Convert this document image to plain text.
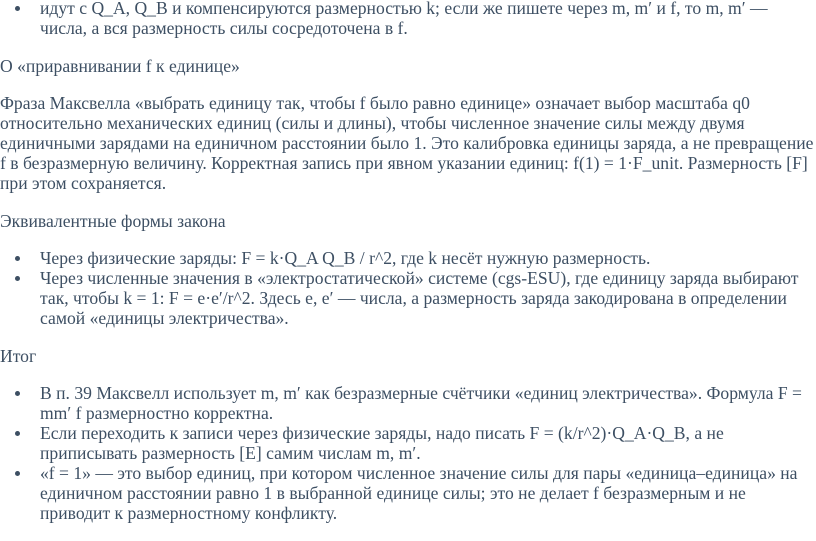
идут с Q_A, Q_B и компенсируются размерностью k; если же пишете через m, m′ и f, то m, m′ — числа, а вся размерность силы сосредоточена в f.

О «приравнивании f к единице»

Фраза Максвелла «выбрать единицу так, чтобы f было равно единице» означает выбор масштаба q0 относительно механических единиц (силы и длины), чтобы численное значение силы между двумя единичными зарядами на единичном расстоянии было 1. Это калибровка единицы заряда, а не превращение f в безразмерную величину. Корректная запись при явном указании единиц: f(1) = 1·F_unit. Размерность [F] при этом сохраняется.

Эквивалентные формы закона

Через физические заряды: F = k·Q_A Q_B / r^2, где k несёт нужную размерность.
Через численные значения в «электростатической» системе (cgs-ESU), где единицу заряда выбирают так, чтобы k = 1: F = e·e′/r^2. Здесь e, e′ — числа, а размерность заряда закодирована в определении самой «единицы электричества».

Итог

В п. 39 Максвелл использует m, m′ как безразмерные счётчики «единиц электричества». Формула F = mm′ f размерностно корректна.
Если переходить к записи через физические заряды, надо писать F = (k/r^2)·Q_A·Q_B, а не приписывать размерность [E] самим числам m, m′.
«f = 1» — это выбор единиц, при котором численное значение силы для пары «единица–единица» на единичном расстоянии равно 1 в выбранной единице силы; это не делает f безразмерным и не приводит к размерностному конфликту.
